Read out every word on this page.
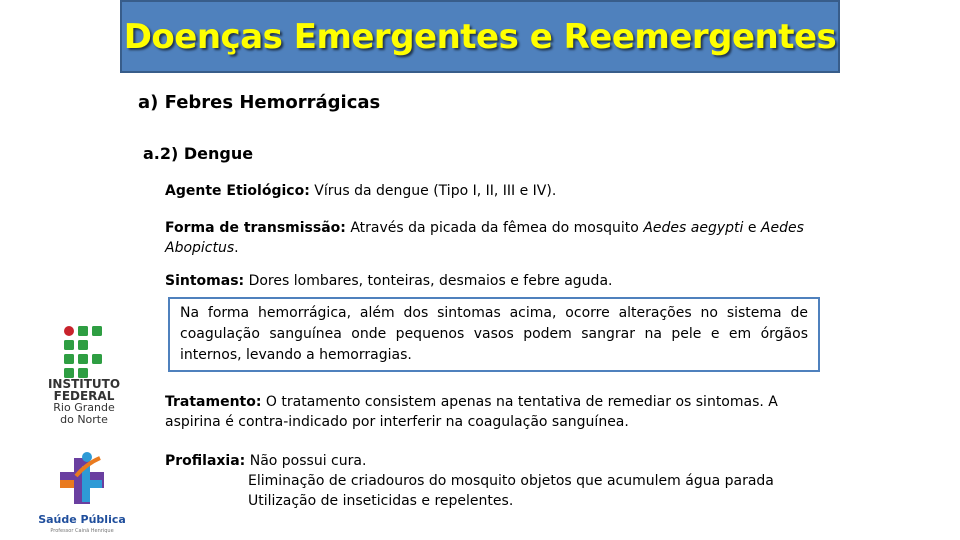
Doenças Emergentes e Reemergentes
a) Febres Hemorrágicas
a.2) Dengue
Agente Etiológico: Vírus da dengue (Tipo I, II, III e IV).
Forma de transmissão: Através da picada da fêmea do mosquito Aedes aegypti e Aedes Abopictus.
Sintomas: Dores lombares, tonteiras, desmaios e febre aguda.
Na forma hemorrágica, além dos sintomas acima, ocorre alterações no sistema de coagulação sanguínea onde pequenos vasos podem sangrar na pele e em órgãos internos, levando a hemorragias.
Tratamento: O tratamento consistem apenas na tentativa de remediar os sintomas. A aspirina é contra-indicado por interferir na coagulação sanguínea.
Profilaxia: Não possui cura.
Eliminação de criadouros do mosquito objetos que acumulem água parada
Utilização de inseticidas e repelentes.
INSTITUTO
FEDERAL
Rio Grande
do Norte
Saúde Pública
Professor Cainã Henrique
